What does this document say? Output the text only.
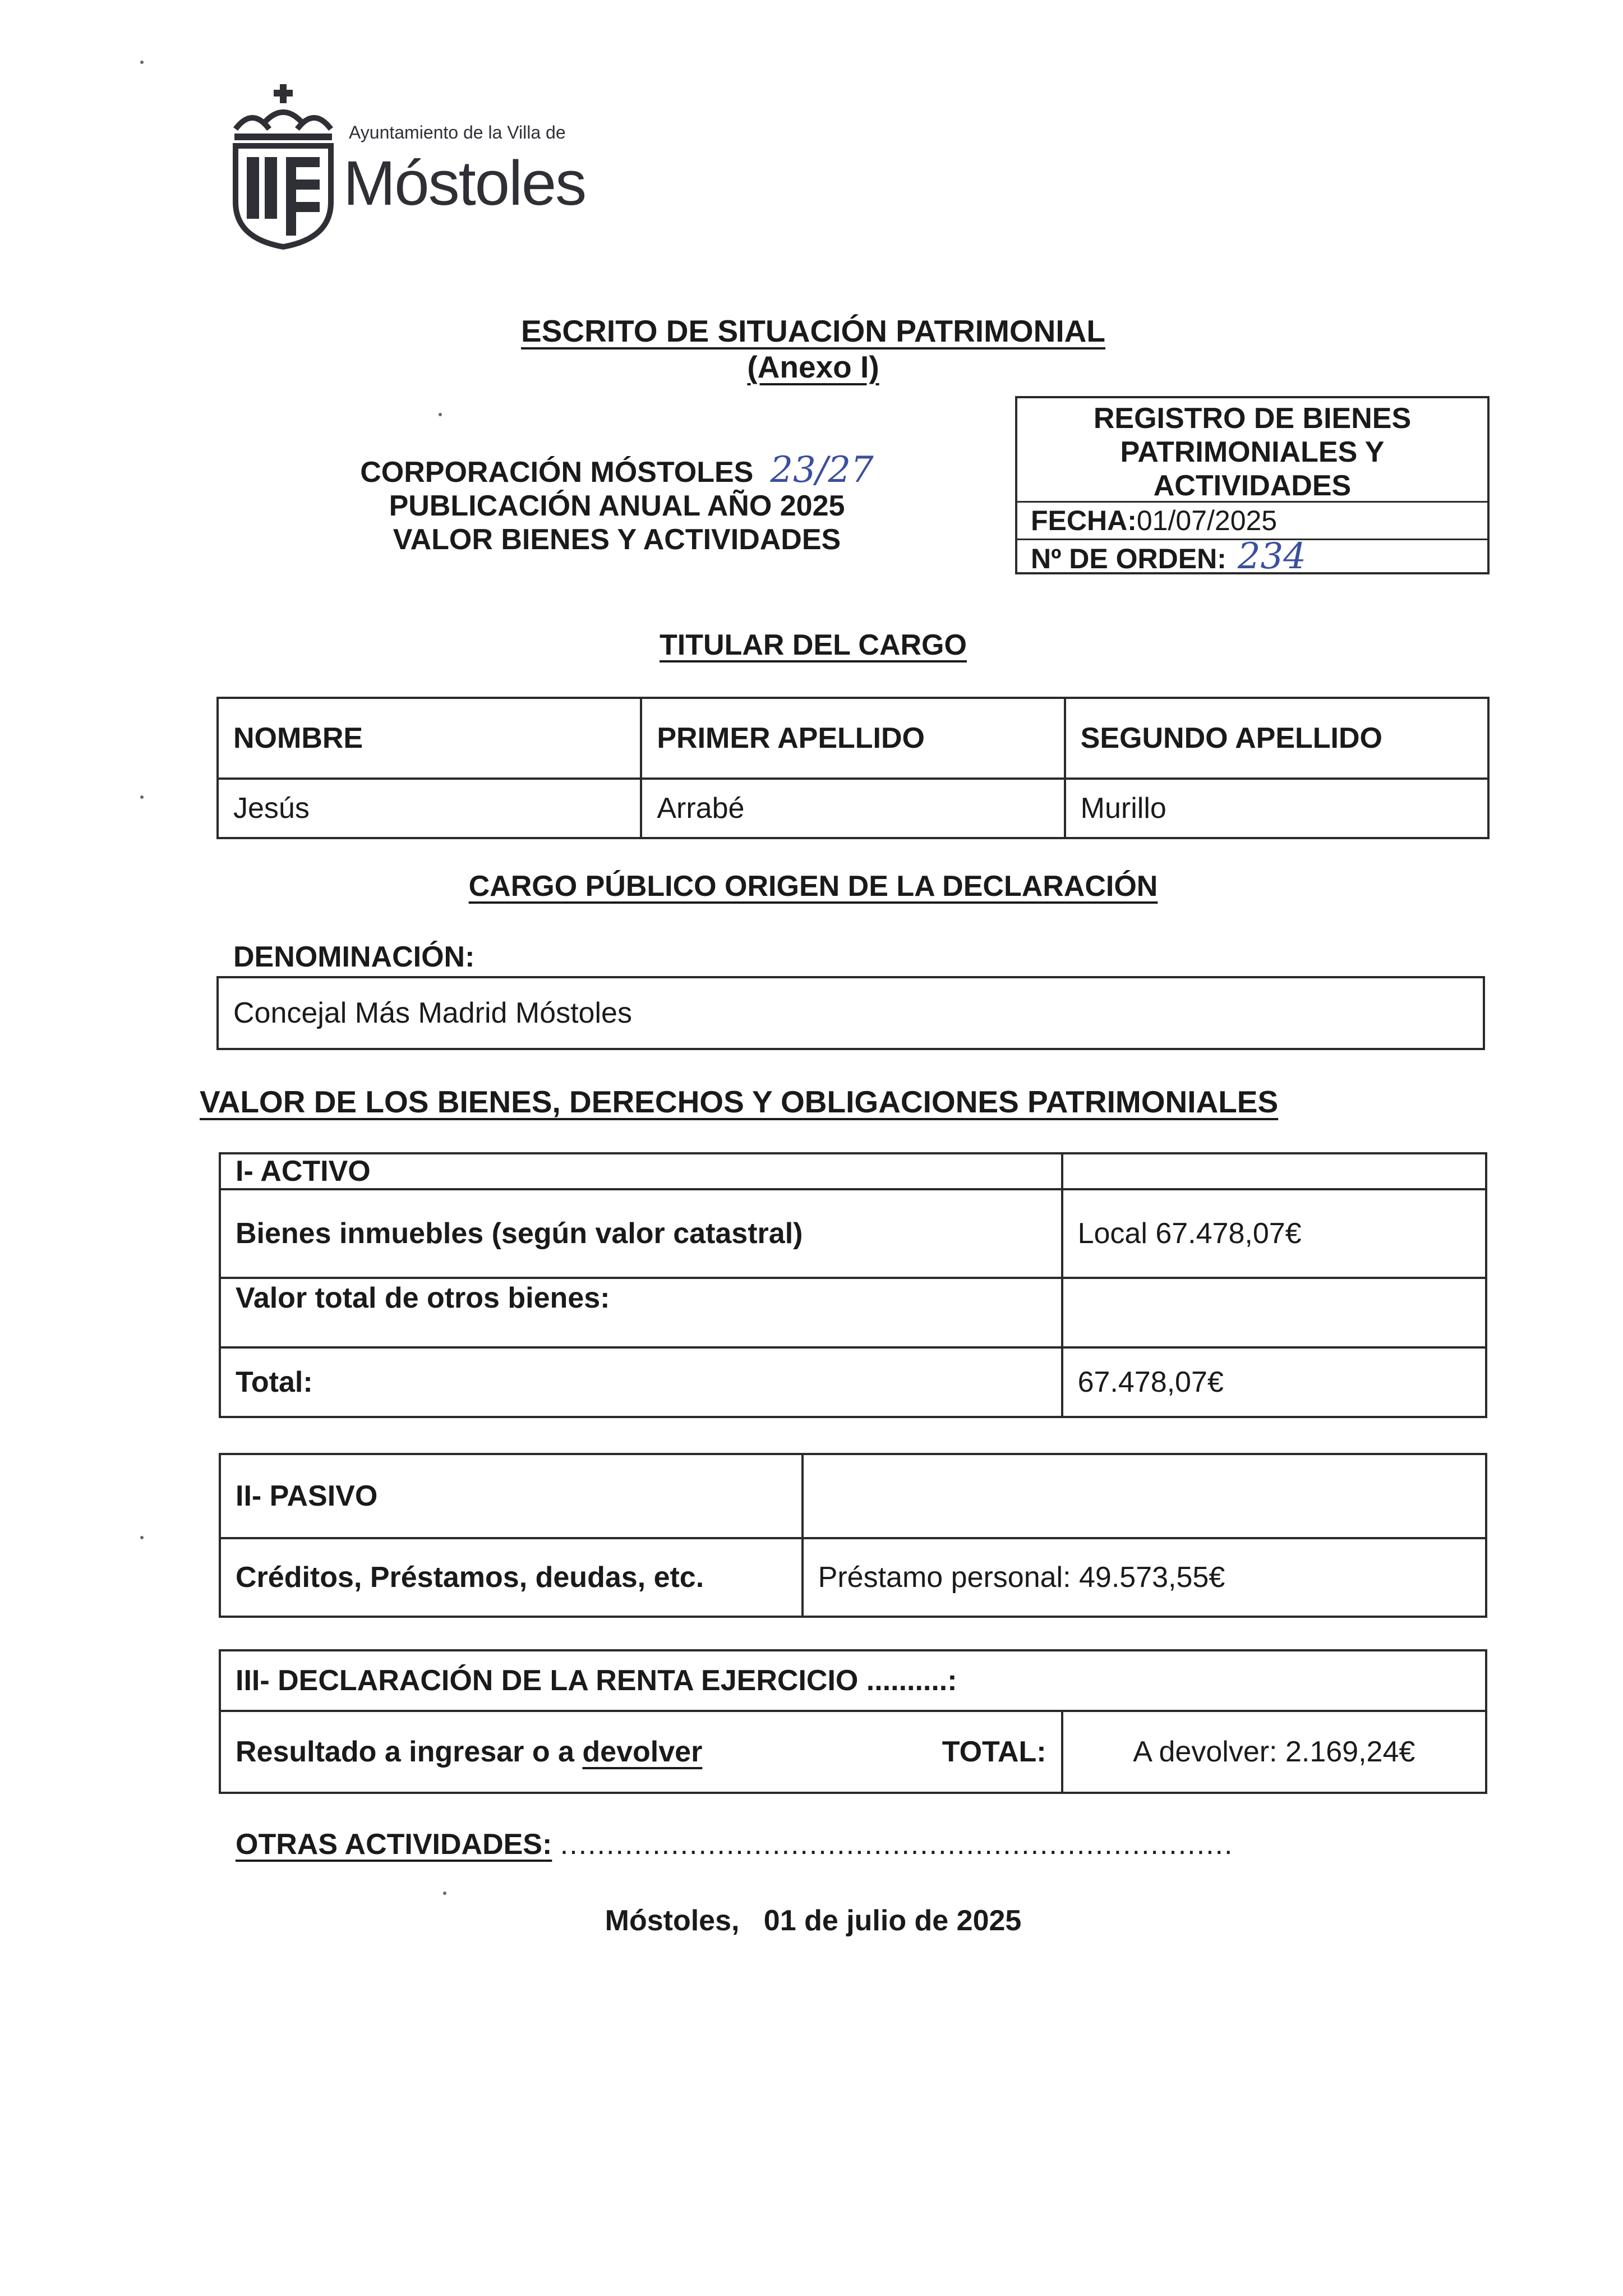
Ayuntamiento de la Villa de
Móstoles
ESCRITO DE SITUACIÓN PATRIMONIAL
(Anexo I)
CORPORACIÓN MÓSTOLES 23/27
PUBLICACIÓN ANUAL AÑO 2025
VALOR BIENES Y ACTIVIDADES
REGISTRO DE BIENES
PATRIMONIALES Y
ACTIVIDADES
FECHA:01/07/2025
Nº DE ORDEN: 234
TITULAR DEL CARGO
NOMBRE	PRIMER APELLIDO	SEGUNDO APELLIDO
Jesús	Arrabé	Murillo
CARGO PÚBLICO ORIGEN DE LA DECLARACIÓN
DENOMINACIÓN:
Concejal Más Madrid Móstoles
VALOR DE LOS BIENES, DERECHOS Y OBLIGACIONES PATRIMONIALES
I- ACTIVO	
Bienes inmuebles (según valor catastral)	Local 67.478,07€
Valor total de otros bienes:	
Total:	67.478,07€
II- PASIVO	
Créditos, Préstamos, deudas, etc.	Préstamo personal: 49.573,55€
III- DECLARACIÓN DE LA RENTA EJERCICIO ..........:
Resultado a ingresar o a devolver	TOTAL:	A devolver: 2.169,24€
OTRAS ACTIVIDADES: .........................................................................
Móstoles,   01 de julio de 2025
